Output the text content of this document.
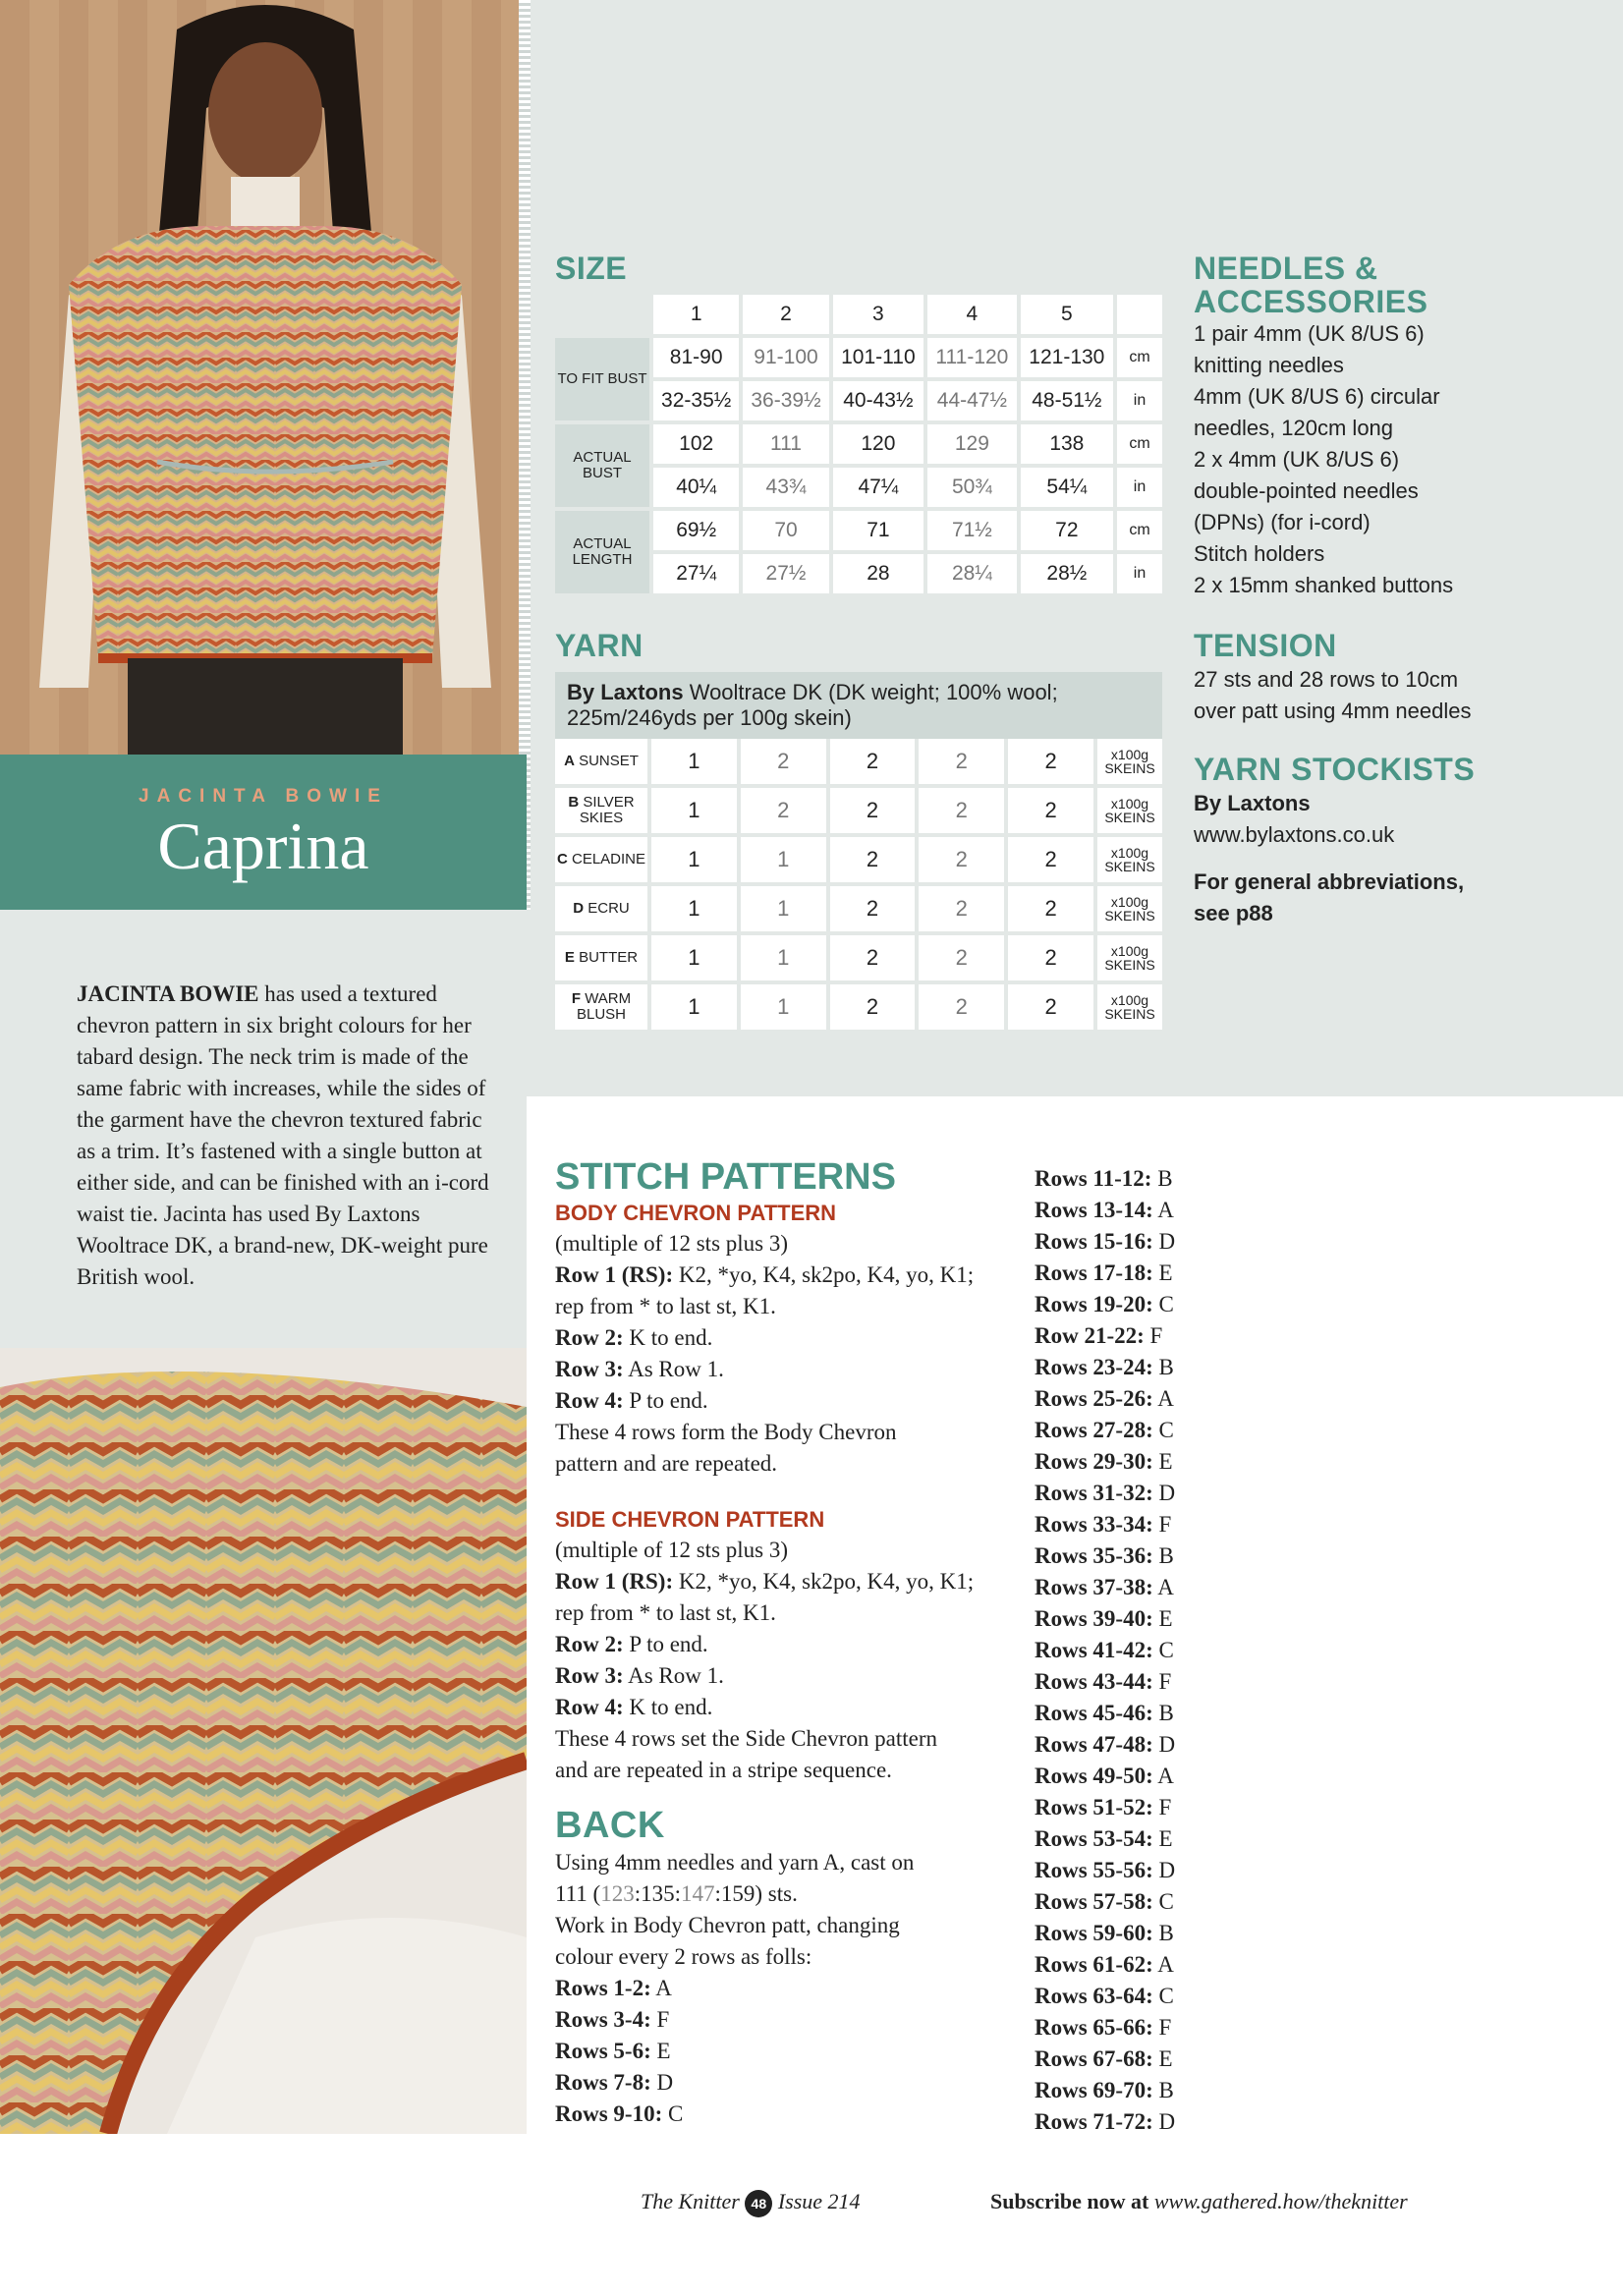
JACINTA BOWIE
Caprina
JACINTA BOWIE has used a textured chevron pattern in six bright colours for her tabard design. The neck trim is made of the same fabric with increases, while the sides of the garment have the chevron textured fabric as a trim. It’s fastened with a single button at either side, and can be finished with an i-cord waist tie. Jacinta has used By Laxtons Wooltrace DK, a brand-new, DK-weight pure British wool.
SIZE
	1	2	3	4	5	
TO FIT BUST	81-90	91-100	101-110	111-120	121-130	cm
	32-35½	36-39½	40-43½	44-47½	48-51½	in
ACTUAL BUST	102	111	120	129	138	cm
	40¼	43¾	47¼	50¾	54¼	in
ACTUAL LENGTH	69½	70	71	71½	72	cm
	27¼	27½	28	28¼	28½	in
YARN
By Laxtons Wooltrace DK (DK weight; 100% wool; 225m/246yds per 100g skein)
A SUNSET	1	2	2	2	2	x100g SKEINS
B SILVER SKIES	1	2	2	2	2	x100g SKEINS
C CELADINE	1	1	2	2	2	x100g SKEINS
D ECRU	1	1	2	2	2	x100g SKEINS
E BUTTER	1	1	2	2	2	x100g SKEINS
F WARM BLUSH	1	1	2	2	2	x100g SKEINS
NEEDLES & ACCESSORIES
1 pair 4mm (UK 8/US 6)
knitting needles
4mm (UK 8/US 6) circular
needles, 120cm long
2 x 4mm (UK 8/US 6)
double-pointed needles
(DPNs) (for i-cord)
Stitch holders
2 x 15mm shanked buttons
TENSION
27 sts and 28 rows to 10cm
over patt using 4mm needles
YARN STOCKISTS
By Laxtons
www.bylaxtons.co.uk
For general abbreviations, see p88
STITCH PATTERNS
BODY CHEVRON PATTERN
(multiple of 12 sts plus 3)
Row 1 (RS): K2, *yo, K4, sk2po, K4, yo, K1;
rep from * to last st, K1.
Row 2: K to end.
Row 3: As Row 1.
Row 4: P to end.
These 4 rows form the Body Chevron
pattern and are repeated.
SIDE CHEVRON PATTERN
(multiple of 12 sts plus 3)
Row 1 (RS): K2, *yo, K4, sk2po, K4, yo, K1;
rep from * to last st, K1.
Row 2: P to end.
Row 3: As Row 1.
Row 4: K to end.
These 4 rows set the Side Chevron pattern
and are repeated in a stripe sequence.
BACK
Using 4mm needles and yarn A, cast on
111 (123:135:147:159) sts.
Work in Body Chevron patt, changing
colour every 2 rows as folls:
Rows 1-2: A
Rows 3-4: F
Rows 5-6: E
Rows 7-8: D
Rows 9-10: C
Rows 11-12: B
Rows 13-14: A
Rows 15-16: D
Rows 17-18: E
Rows 19-20: C
Row 21-22: F
Rows 23-24: B
Rows 25-26: A
Rows 27-28: C
Rows 29-30: E
Rows 31-32: D
Rows 33-34: F
Rows 35-36: B
Rows 37-38: A
Rows 39-40: E
Rows 41-42: C
Rows 43-44: F
Rows 45-46: B
Rows 47-48: D
Rows 49-50: A
Rows 51-52: F
Rows 53-54: E
Rows 55-56: D
Rows 57-58: C
Rows 59-60: B
Rows 61-62: A
Rows 63-64: C
Rows 65-66: F
Rows 67-68: E
Rows 69-70: B
Rows 71-72: D
The Knitter 48 Issue 214	Subscribe now at www.gathered.how/theknitter
